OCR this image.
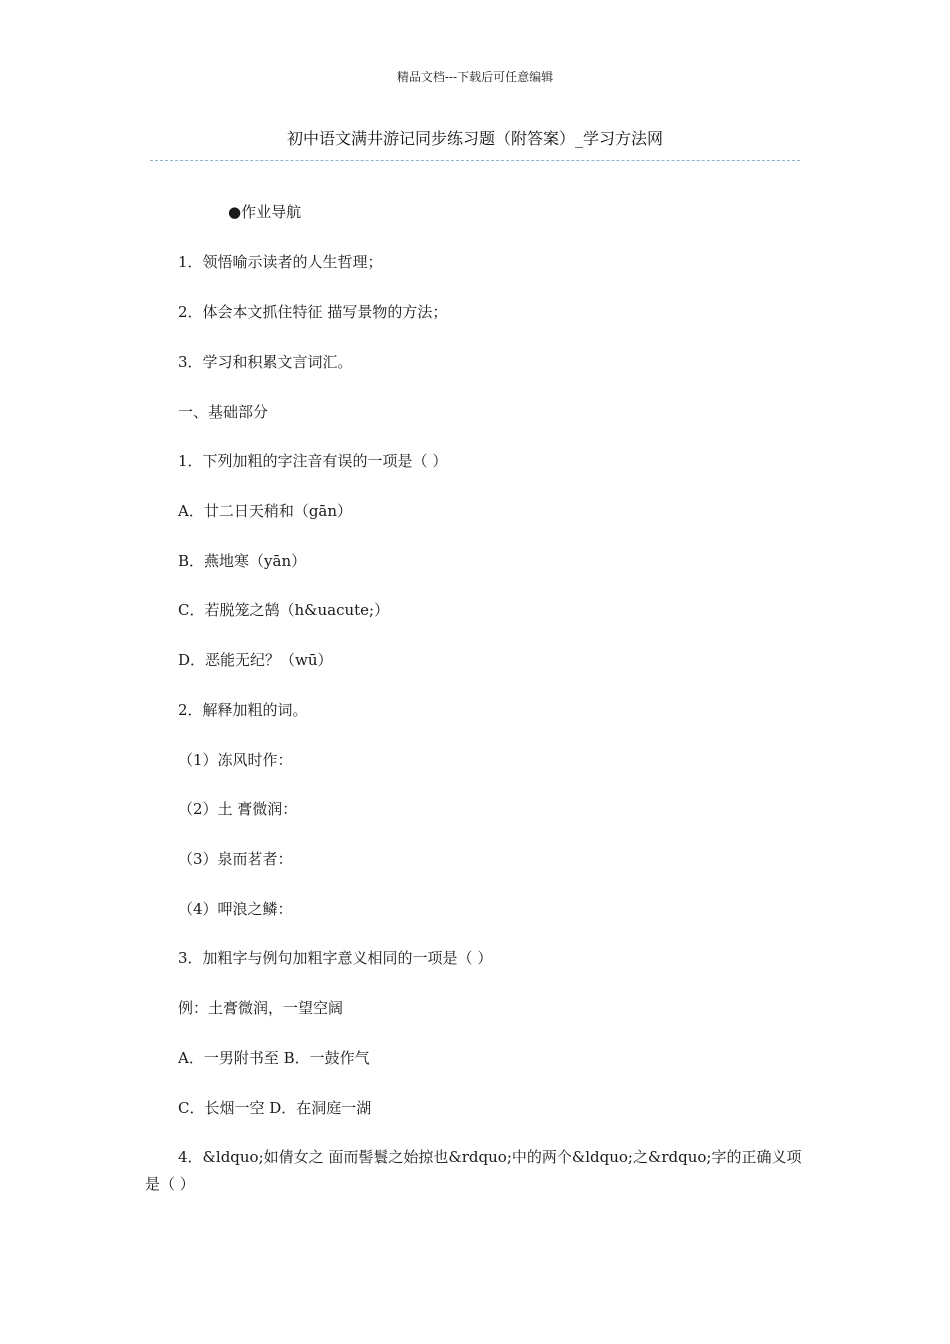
精品文档---下载后可任意编辑
初中语文满井游记同步练习题（附答案）_学习方法网
●作业导航
1．领悟喻示读者的人生哲理；
2．体会本文抓住特征 描写景物的方法；
3．学习和积累文言词汇。
一、基础部分
1．下列加粗的字注音有误的一项是（ ）
A．廿二日天稍和（gān）
B．燕地寒（yān）
C．若脱笼之鹄（h&uacute;）
D．恶能无纪？（wū）
2．解释加粗的词。
（1）冻风时作：
（2）土 膏微润：
（3）泉而茗者：
（4）呷浪之鳞：
3．加粗字与例句加粗字意义相同的一项是（ ）
例：土膏微润，一望空阔
A．一男附书至 B．一鼓作气
C．长烟一空 D．在洞庭一湖
4．&ldquo;如倩女之 面而髻鬟之始掠也&rdquo;中的两个&ldquo;之&rdquo;字的正确义项是（ ）
